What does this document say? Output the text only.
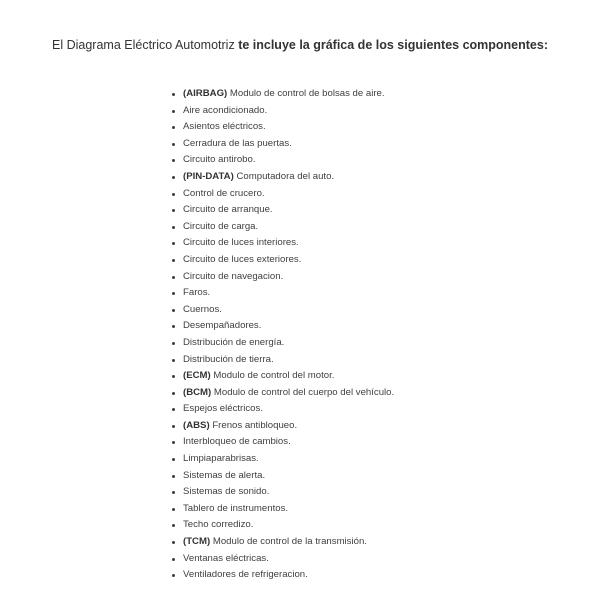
El Diagrama Eléctrico Automotriz te incluye la gráfica de los siguientes componentes:
(AIRBAG) Modulo de control de bolsas de aire.
Aire acondicionado.
Asientos eléctricos.
Cerradura de las puertas.
Circuito antirobo.
(PIN-DATA) Computadora del auto.
Control de crucero.
Circuito de arranque.
Circuito de carga.
Circuito de luces interiores.
Circuito de luces exteriores.
Circuito de navegacion.
Faros.
Cuernos.
Desempañadores.
Distribución de energía.
Distribución de tierra.
(ECM) Modulo de control del motor.
(BCM) Modulo de control del cuerpo del vehículo.
Espejos eléctricos.
(ABS) Frenos antibloqueo.
Interbloqueo de cambios.
Limpiaparabrisas.
Sistemas de alerta.
Sistemas de sonido.
Tablero de instrumentos.
Techo corredizo.
(TCM) Modulo de control de la transmisión.
Ventanas eléctricas.
Ventiladores de refrigeracion.
